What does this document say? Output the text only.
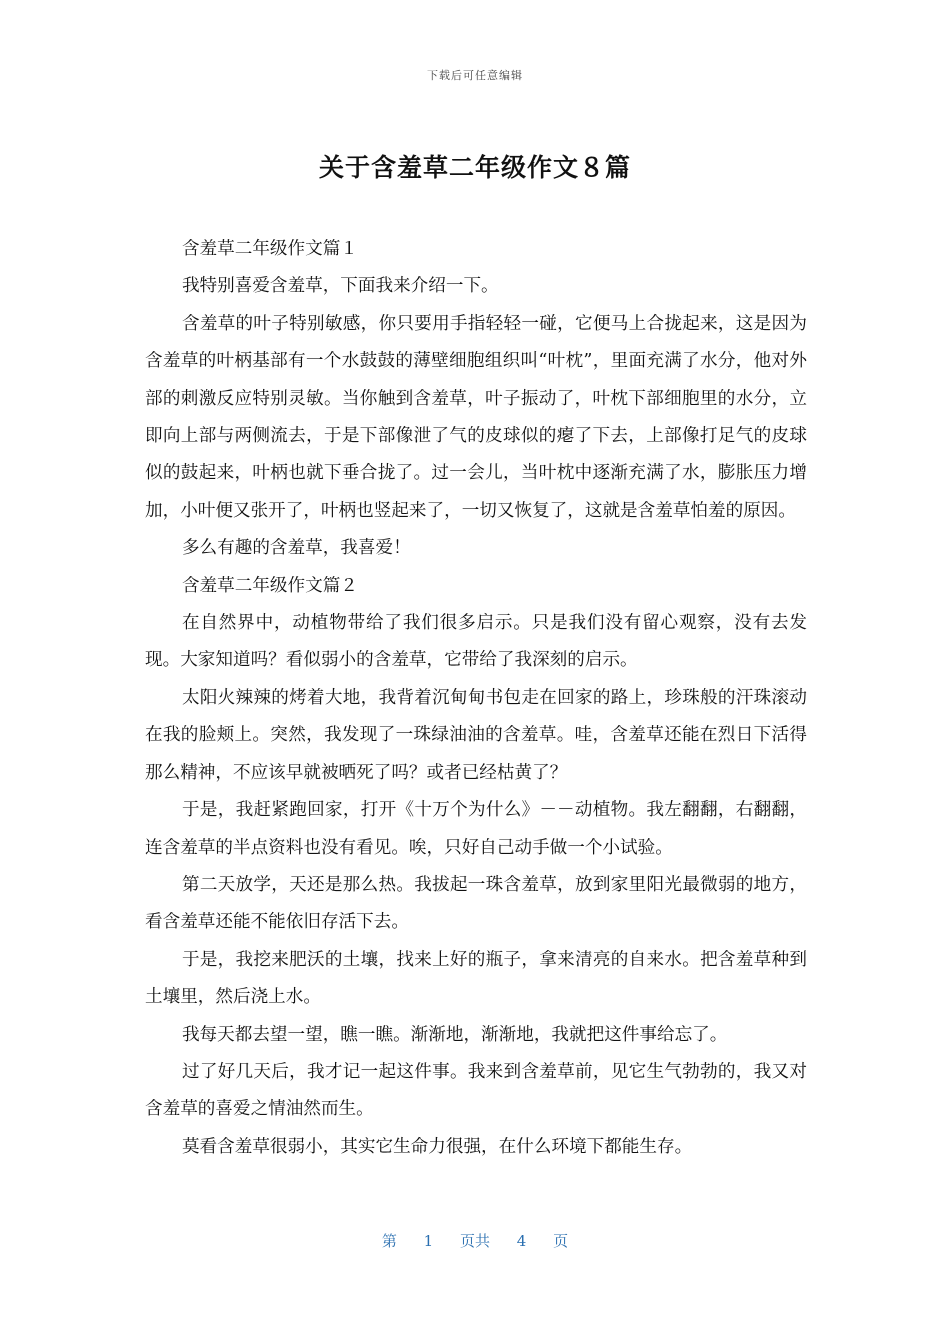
下载后可任意编辑
关于含羞草二年级作文８篇

含羞草二年级作文篇１

我特别喜爱含羞草，下面我来介绍一下。

含羞草的叶子特别敏感，你只要用手指轻轻一碰，它便马上合拢起来，这是因为含羞草的叶柄基部有一个水鼓鼓的薄壁细胞组织叫“叶枕”，里面充满了水分，他对外部的刺激反应特别灵敏。当你触到含羞草，叶子振动了，叶枕下部细胞里的水分，立即向上部与两侧流去，于是下部像泄了气的皮球似的瘪了下去，上部像打足气的皮球似的鼓起来，叶柄也就下垂合拢了。过一会儿，当叶枕中逐渐充满了水，膨胀压力增加，小叶便又张开了，叶柄也竖起来了，一切又恢复了，这就是含羞草怕羞的原因。

多么有趣的含羞草，我喜爱！

含羞草二年级作文篇２

在自然界中，动植物带给了我们很多启示。只是我们没有留心观察，没有去发现。大家知道吗？看似弱小的含羞草，它带给了我深刻的启示。

太阳火辣辣的烤着大地，我背着沉甸甸书包走在回家的路上，珍珠般的汗珠滚动在我的脸颊上。突然，我发现了一珠绿油油的含羞草。哇，含羞草还能在烈日下活得那么精神，不应该早就被晒死了吗？或者已经枯黄了？

于是，我赶紧跑回家，打开《十万个为什么》－－动植物。我左翻翻，右翻翻，连含羞草的半点资料也没有看见。唉，只好自己动手做一个小试验。

第二天放学，天还是那么热。我拔起一珠含羞草，放到家里阳光最微弱的地方，看含羞草还能不能依旧存活下去。

于是，我挖来肥沃的土壤，找来上好的瓶子，拿来清亮的自来水。把含羞草种到土壤里，然后浇上水。

我每天都去望一望，瞧一瞧。渐渐地，渐渐地，我就把这件事给忘了。

过了好几天后，我才记一起这件事。我来到含羞草前，见它生气勃勃的，我又对含羞草的喜爱之情油然而生。

莫看含羞草很弱小，其实它生命力很强，在什么环境下都能生存。

第 1 页共 4 页
